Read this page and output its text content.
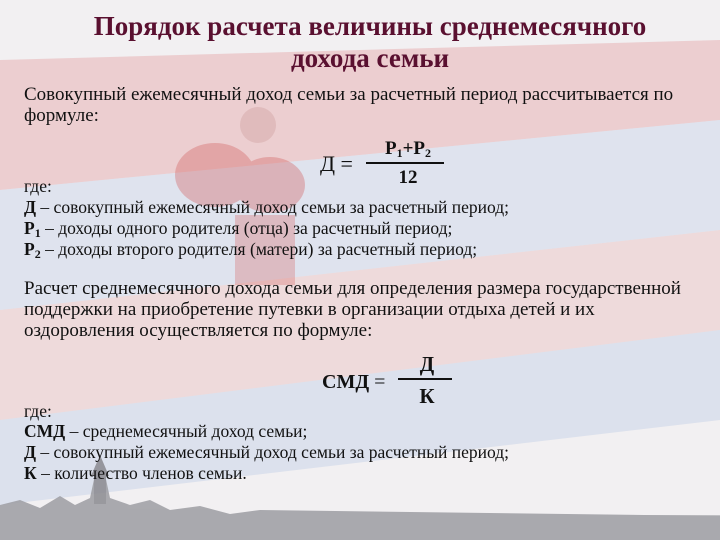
Порядок расчета величины среднемесячного дохода семьи
Совокупный ежемесячный доход семьи за расчетный период рассчитывается по формуле:
Д =
$Р_1+Р_2$
12
где:
Д – совокупный ежемесячный доход семьи за расчетный период;
$Р_1$ – доходы одного родителя (отца) за расчетный период;
$Р_2$ – доходы второго родителя (матери) за расчетный период;
Расчет среднемесячного дохода семьи для определения размера государственной поддержки на приобретение путевки в организации отдыха детей и их оздоровления осуществляется по формуле:
СМД =
Д
К
где:
СМД – среднемесячный доход семьи;
Д – совокупный ежемесячный доход семьи за расчетный период;
К – количество членов семьи.
